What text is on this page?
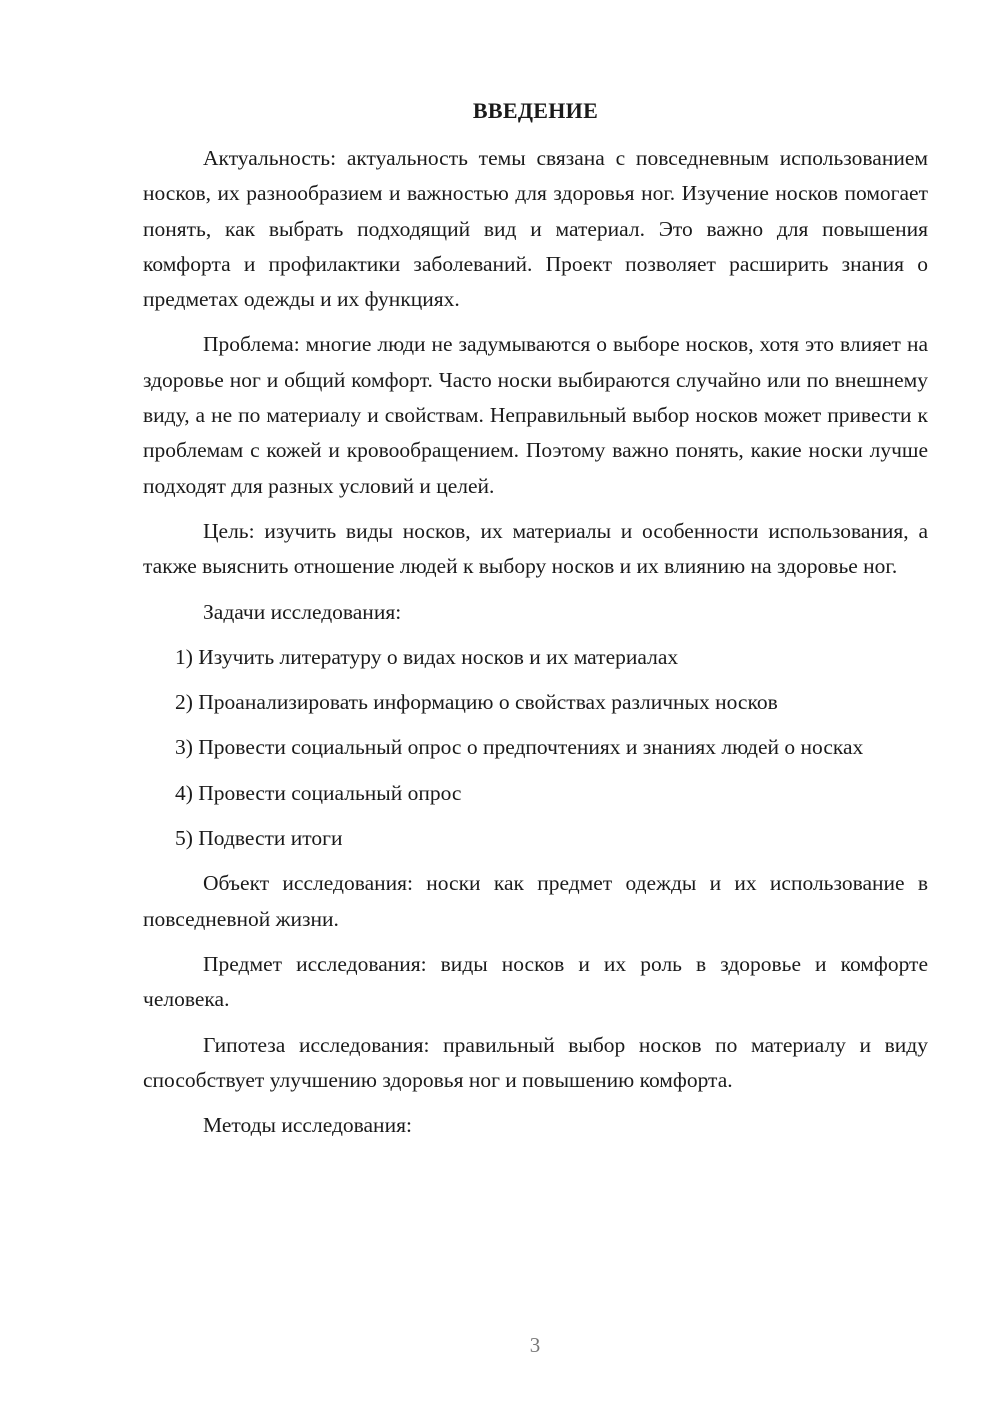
ВВЕДЕНИЕ

Актуальность: актуальность темы связана с повседневным использованием носков, их разнообразием и важностью для здоровья ног. Изучение носков помогает понять, как выбрать подходящий вид и материал. Это важно для повышения комфорта и профилактики заболеваний. Проект позволяет расширить знания о предметах одежды и их функциях.

Проблема: многие люди не задумываются о выборе носков, хотя это влияет на здоровье ног и общий комфорт. Часто носки выбираются случайно или по внешнему виду, а не по материалу и свойствам. Неправильный выбор носков может привести к проблемам с кожей и кровообращением. Поэтому важно понять, какие носки лучше подходят для разных условий и целей.

Цель: изучить виды носков, их материалы и особенности использования, а также выяснить отношение людей к выбору носков и их влиянию на здоровье ног.

Задачи исследования:

1) Изучить литературу о видах носков и их материалах

2) Проанализировать информацию о свойствах различных носков

3) Провести социальный опрос о предпочтениях и знаниях людей о носках

4) Провести социальный опрос

5) Подвести итоги

Объект исследования: носки как предмет одежды и их использование в повседневной жизни.

Предмет исследования: виды носков и их роль в здоровье и комфорте человека.

Гипотеза исследования: правильный выбор носков по материалу и виду способствует улучшению здоровья ног и повышению комфорта.

Методы исследования:

3
